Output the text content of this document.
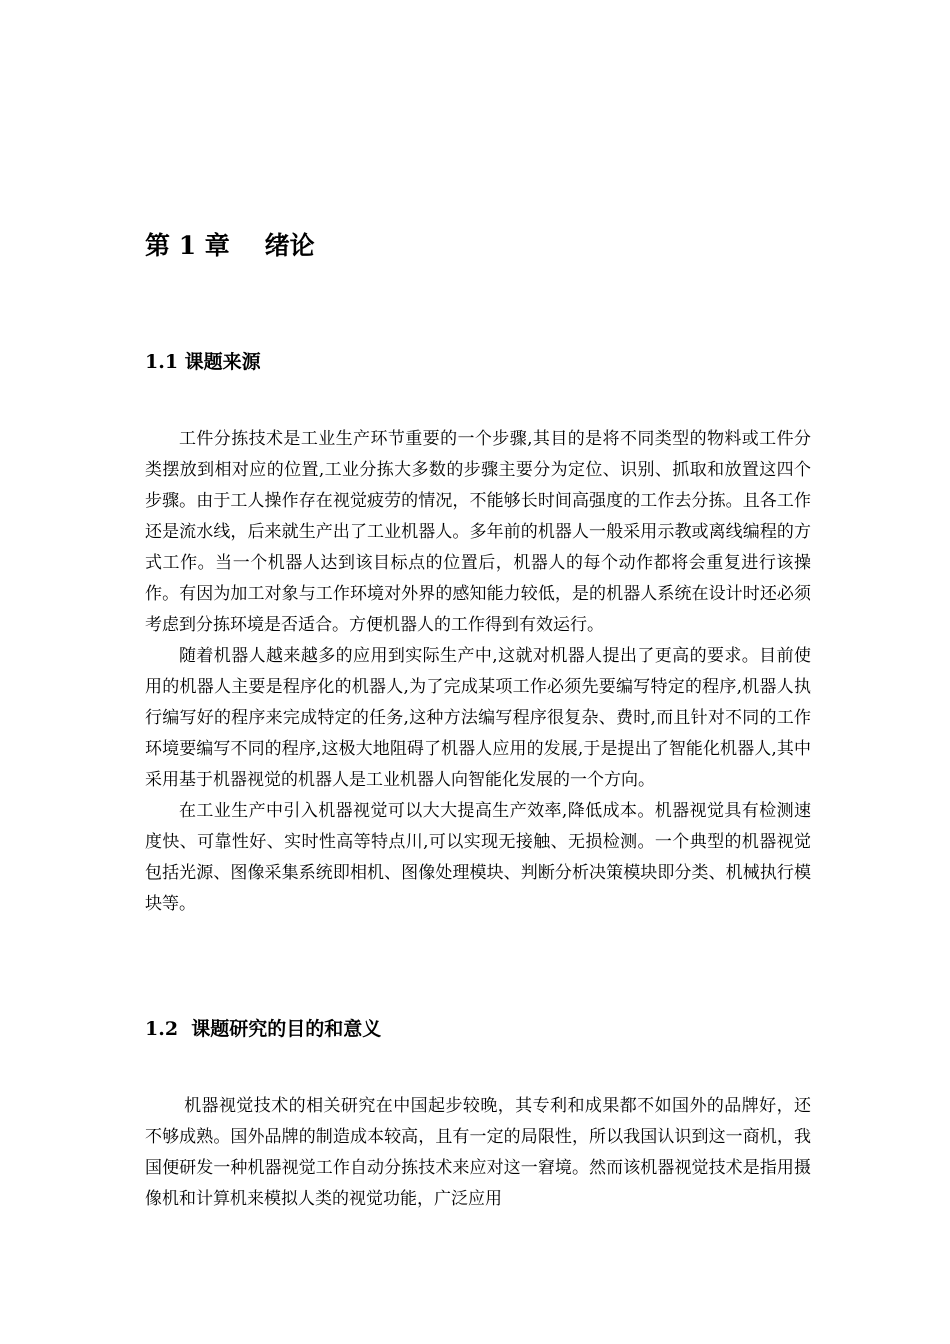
第 1 章    绪论
1.1 课题来源

工件分拣技术是工业生产环节重要的一个步骤,其目的是将不同类型的物料或工件分类摆放到相对应的位置,工业分拣大多数的步骤主要分为定位、识别、抓取和放置这四个步骤。由于工人操作存在视觉疲劳的情况，不能够长时间高强度的工作去分拣。且各工作还是流水线，后来就生产出了工业机器人。多年前的机器人一般采用示教或离线编程的方式工作。当一个机器人达到该目标点的位置后，机器人的每个动作都将会重复进行该操作。有因为加工对象与工作环境对外界的感知能力较低，是的机器人系统在设计时还必须考虑到分拣环境是否适合。方便机器人的工作得到有效运行。

随着机器人越来越多的应用到实际生产中,这就对机器人提出了更高的要求。目前使用的机器人主要是程序化的机器人,为了完成某项工作必须先要编写特定的程序,机器人执行编写好的程序来完成特定的任务,这种方法编写程序很复杂、费时,而且针对不同的工作环境要编写不同的程序,这极大地阻碍了机器人应用的发展,于是提出了智能化机器人,其中采用基于机器视觉的机器人是工业机器人向智能化发展的一个方向。

在工业生产中引入机器视觉可以大大提高生产效率,降低成本。机器视觉具有检测速度快、可靠性好、实时性高等特点川,可以实现无接触、无损检测。一个典型的机器视觉包括光源、图像采集系统即相机、图像处理模块、判断分析决策模块即分类、机械执行模块等。

1.2  课题研究的目的和意义

机器视觉技术的相关研究在中国起步较晚，其专利和成果都不如国外的品牌好，还不够成熟。国外品牌的制造成本较高，且有一定的局限性，所以我国认识到这一商机，我国便研发一种机器视觉工作自动分拣技术来应对这一窘境。然而该机器视觉技术是指用摄像机和计算机来模拟人类的视觉功能，广泛应用
